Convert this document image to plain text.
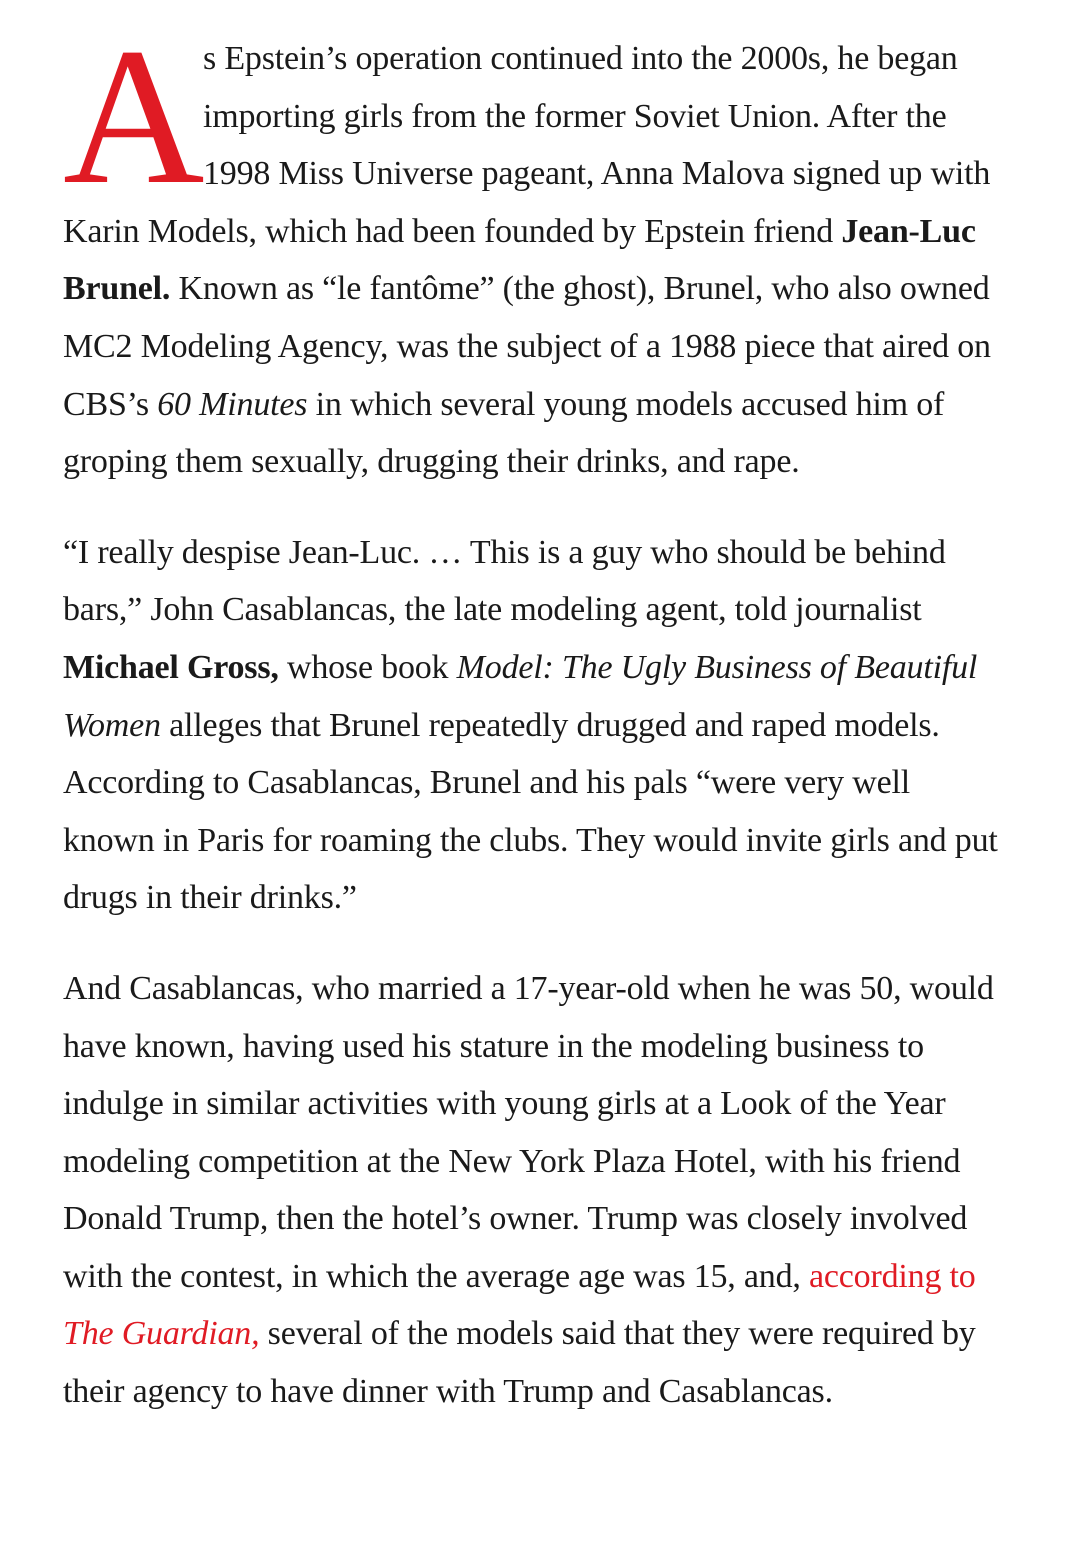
A
s Epstein’s operation continued into the 2000s, he began importing girls from the former Soviet Union. After the 1998 Miss Universe pageant, Anna Malova signed up with Karin Models, which had been founded by Epstein friend Jean-Luc Brunel. Known as “le fantôme” (the ghost), Brunel, who also owned MC2 Modeling Agency, was the subject of a 1988 piece that aired on CBS’s 60 Minutes in which several young models accused him of groping them sexually, drugging their drinks, and rape.

“I really despise Jean-Luc. … This is a guy who should be behind bars,” John Casablancas, the late modeling agent, told journalist Michael Gross, whose book Model: The Ugly Business of Beautiful Women alleges that Brunel repeatedly drugged and raped models. According to Casablancas, Brunel and his pals “were very well known in Paris for roaming the clubs. They would invite girls and put drugs in their drinks.”

And Casablancas, who married a 17-year-old when he was 50, would have known, having used his stature in the modeling business to indulge in similar activities with young girls at a Look of the Year modeling competition at the New York Plaza Hotel, with his friend Donald Trump, then the hotel’s owner. Trump was closely involved with the contest, in which the average age was 15, and, according to The Guardian, several of the models said that they were required by their agency to have dinner with Trump and Casablancas.
